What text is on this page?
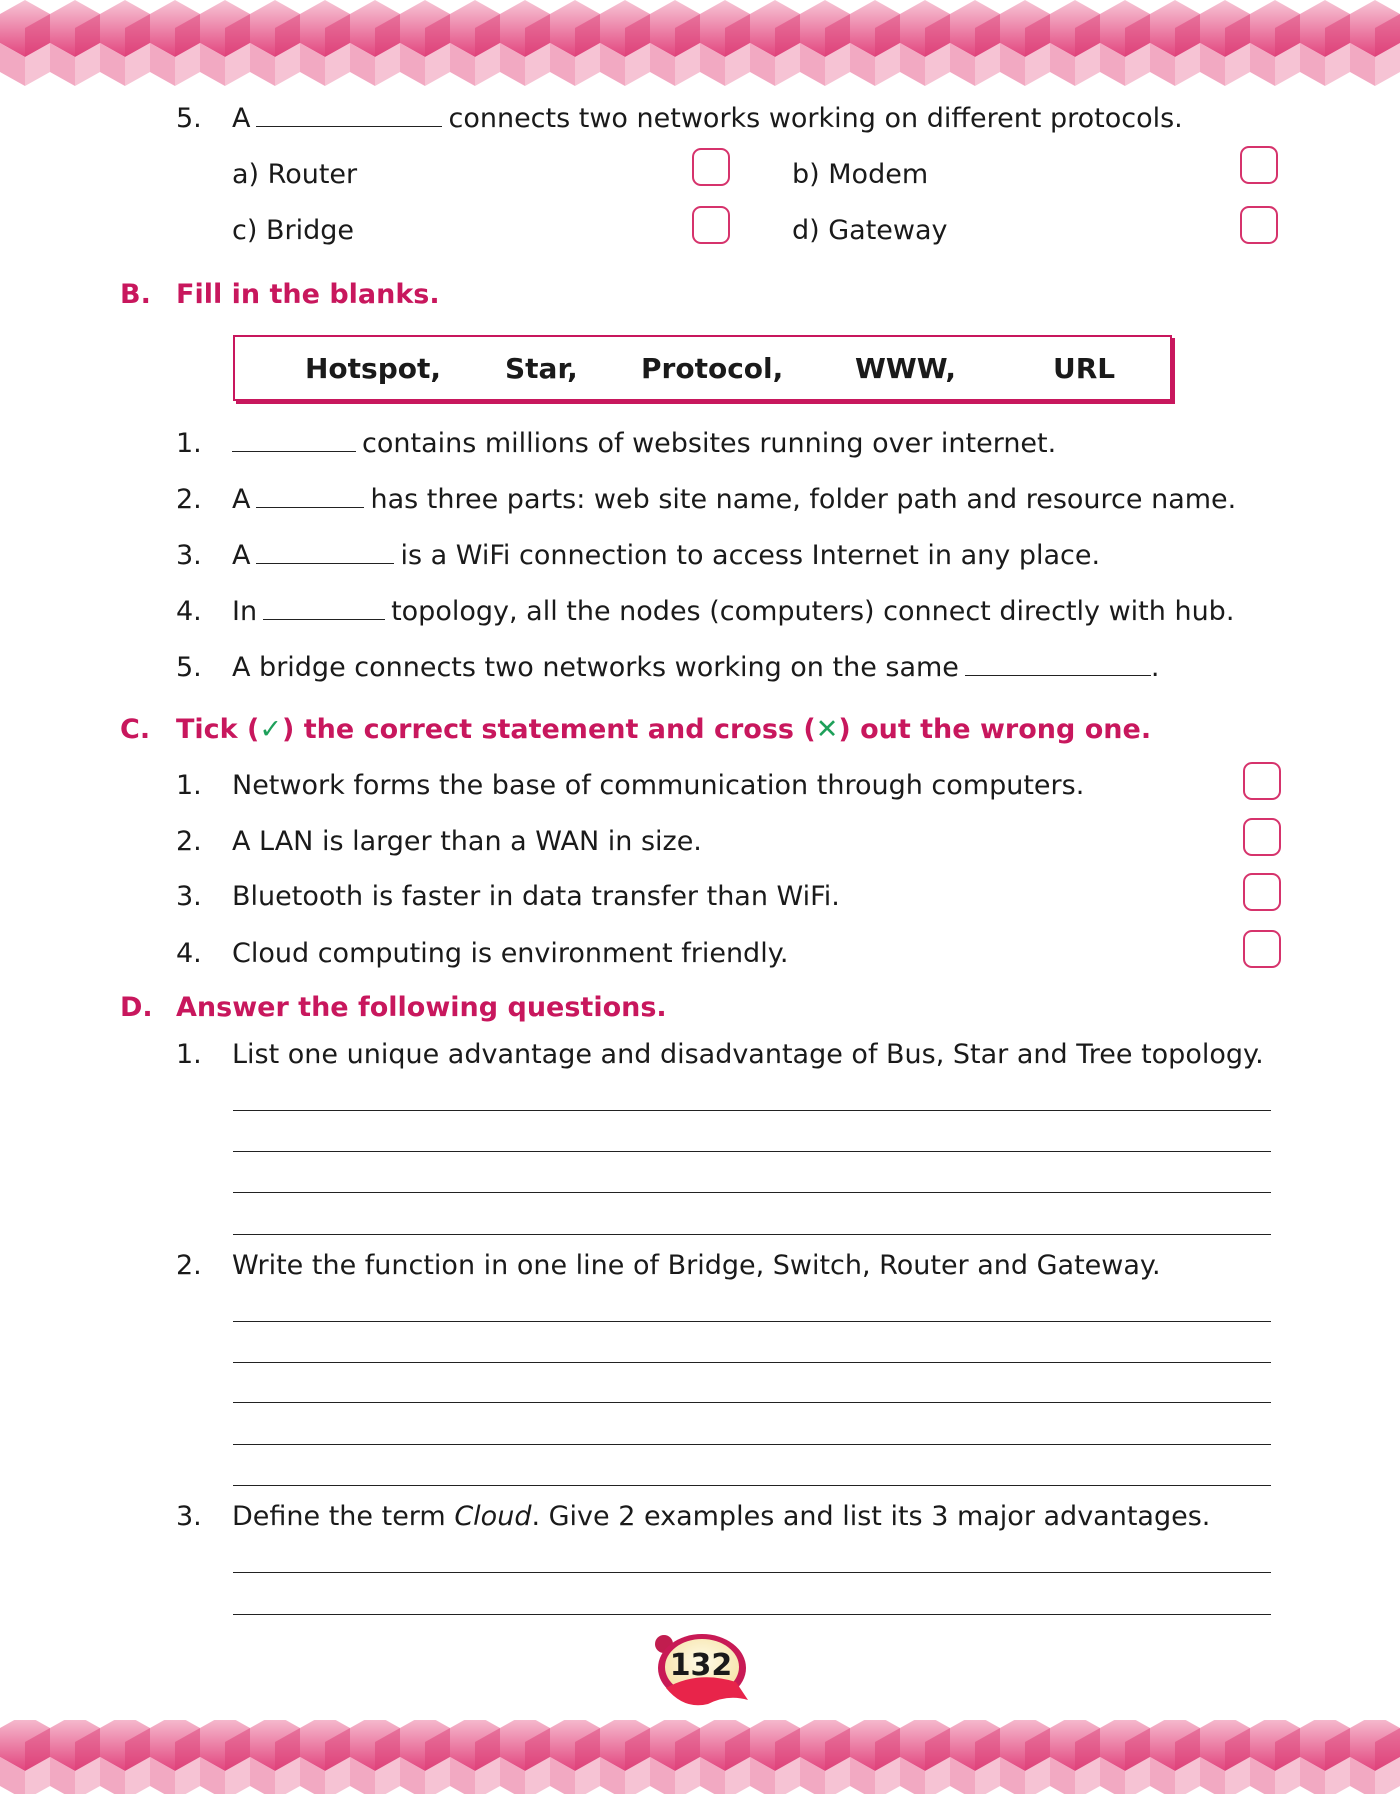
5. A	connects two networks working on different protocols.
a) Router	b) Modem
c) Bridge	d) Gateway
B. Fill in the blanks.
Hotspot, Star, Protocol,	WWW,	URL
1.	contains millions of websites running over internet.
2. A	has three parts: web site name, folder path and resource name.
3. A	is a WiFi connection to access Internet in any place.
4. In	topology, all the nodes (computers) connect directly with hub.
5. A bridge connects two networks working on the same	.
C. Tick (✓) the correct statement and cross (✕) out the wrong one.
1. Network forms the base of communication through computers.
2. A LAN is larger than a WAN in size.
3. Bluetooth is faster in data transfer than WiFi.
4. Cloud computing is environment friendly.
D. Answer the following questions.
1. List one unique advantage and disadvantage of Bus, Star and Tree topology.
2. Write the function in one line of Bridge, Switch, Router and Gateway.
3. Define the term Cloud. Give 2 examples and list its 3 major advantages.
132
